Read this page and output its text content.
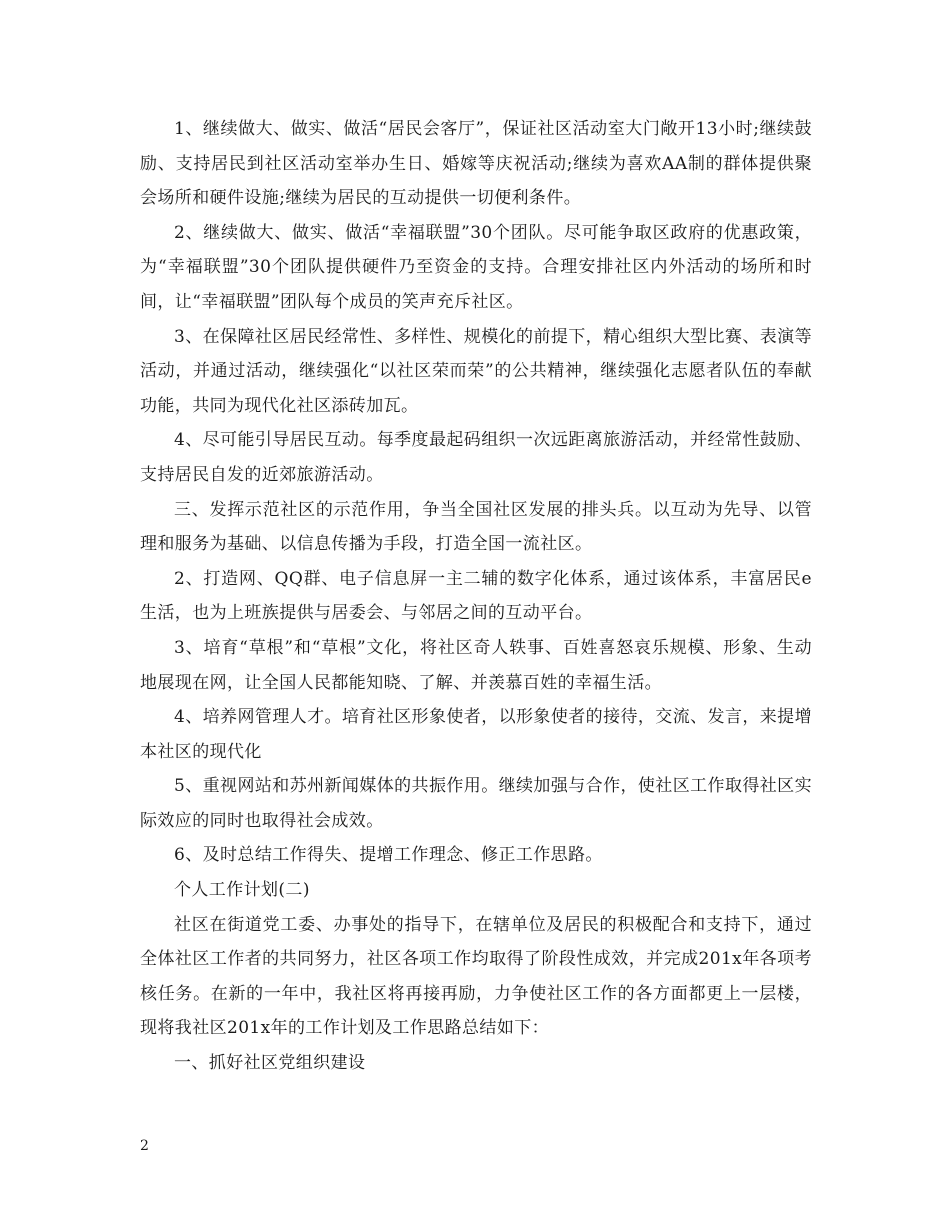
1、继续做大、做实、做活“居民会客厅”，保证社区活动室大门敞开13小时;继续鼓励、支持居民到社区活动室举办生日、婚嫁等庆祝活动;继续为喜欢AA制的群体提供聚会场所和硬件设施;继续为居民的互动提供一切便利条件。

2、继续做大、做实、做活“幸福联盟”30个团队。尽可能争取区政府的优惠政策，为“幸福联盟”30个团队提供硬件乃至资金的支持。合理安排社区内外活动的场所和时间，让“幸福联盟”团队每个成员的笑声充斥社区。

3、在保障社区居民经常性、多样性、规模化的前提下，精心组织大型比赛、表演等活动，并通过活动，继续强化“以社区荣而荣”的公共精神，继续强化志愿者队伍的奉献功能，共同为现代化社区添砖加瓦。

4、尽可能引导居民互动。每季度最起码组织一次远距离旅游活动，并经常性鼓励、支持居民自发的近郊旅游活动。

三、发挥示范社区的示范作用，争当全国社区发展的排头兵。以互动为先导、以管理和服务为基础、以信息传播为手段，打造全国一流社区。

2、打造网、QQ群、电子信息屏一主二辅的数字化体系，通过该体系，丰富居民e生活，也为上班族提供与居委会、与邻居之间的互动平台。

3、培育“草根”和“草根”文化，将社区奇人轶事、百姓喜怒哀乐规模、形象、生动地展现在网，让全国人民都能知晓、了解、并羡慕百姓的幸福生活。

4、培养网管理人才。培育社区形象使者，以形象使者的接待，交流、发言，来提增本社区的现代化

5、重视网站和苏州新闻媒体的共振作用。继续加强与合作，使社区工作取得社区实际效应的同时也取得社会成效。

6、及时总结工作得失、提增工作理念、修正工作思路。

个人工作计划(二)

社区在街道党工委、办事处的指导下，在辖单位及居民的积极配合和支持下，通过全体社区工作者的共同努力，社区各项工作均取得了阶段性成效，并完成201x年各项考核任务。在新的一年中，我社区将再接再励，力争使社区工作的各方面都更上一层楼，现将我社区201x年的工作计划及工作思路总结如下：

一、抓好社区党组织建设

2
